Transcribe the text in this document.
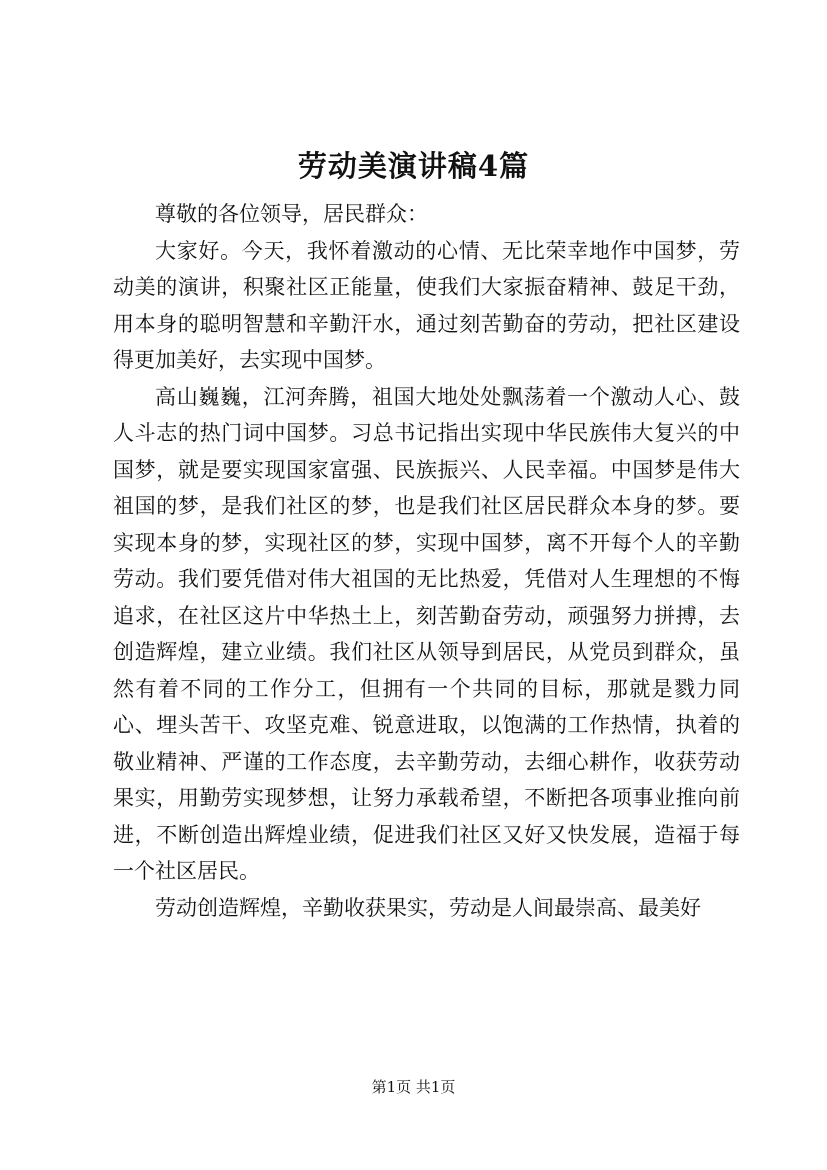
劳动美演讲稿4篇

尊敬的各位领导，居民群众：

大家好。今天，我怀着激动的心情、无比荣幸地作中国梦，劳动美的演讲，积聚社区正能量，使我们大家振奋精神、鼓足干劲，用本身的聪明智慧和辛勤汗水，通过刻苦勤奋的劳动，把社区建设得更加美好，去实现中国梦。

高山巍巍，江河奔腾，祖国大地处处飘荡着一个激动人心、鼓人斗志的热门词中国梦。习总书记指出实现中华民族伟大复兴的中国梦，就是要实现国家富强、民族振兴、人民幸福。中国梦是伟大祖国的梦，是我们社区的梦，也是我们社区居民群众本身的梦。要实现本身的梦，实现社区的梦，实现中国梦，离不开每个人的辛勤劳动。我们要凭借对伟大祖国的无比热爱，凭借对人生理想的不悔追求，在社区这片中华热土上，刻苦勤奋劳动，顽强努力拼搏，去创造辉煌，建立业绩。我们社区从领导到居民，从党员到群众，虽然有着不同的工作分工，但拥有一个共同的目标，那就是戮力同心、埋头苦干、攻坚克难、锐意进取，以饱满的工作热情，执着的敬业精神、严谨的工作态度，去辛勤劳动，去细心耕作，收获劳动果实，用勤劳实现梦想，让努力承载希望，不断把各项事业推向前进，不断创造出辉煌业绩，促进我们社区又好又快发展，造福于每一个社区居民。

劳动创造辉煌，辛勤收获果实，劳动是人间最崇高、最美好

第1页 共1页
